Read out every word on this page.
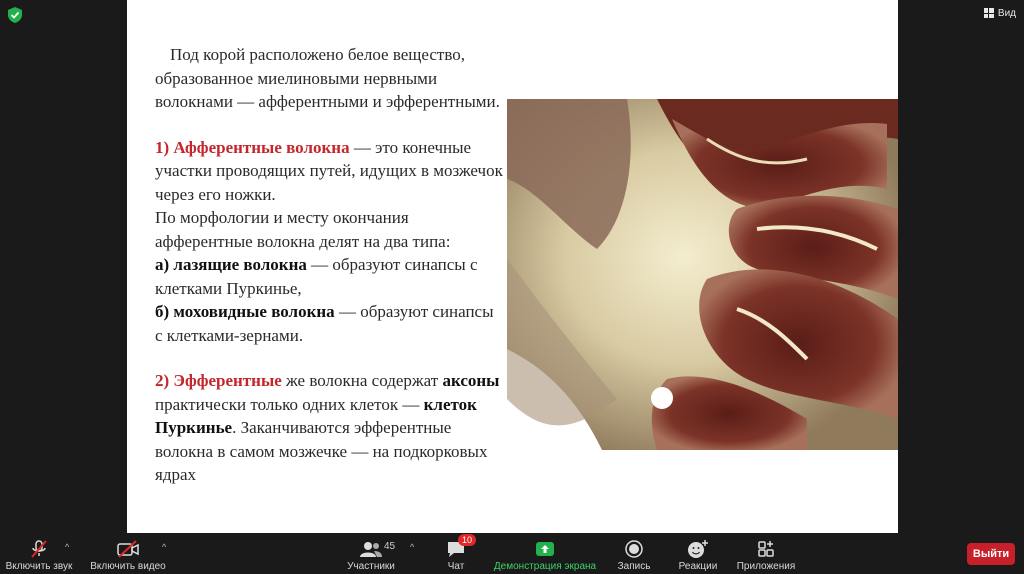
Вид

Под корой расположено белое вещество, образованное миелиновыми нервными волокнами — афферентными и эфферентными.

1) Афферентные волокна — это конечные участки проводящих путей, идущих в мозжечок через его ножки.

По морфологии и месту окончания афферентные волокна делят на два типа:

а) лазящие волокна — образуют синапсы с клетками Пуркинье,

б) моховидные волокна — образуют синапсы с клетками-зернами.

2) Эфферентные же волокна содержат аксоны практически только одних клеток — клеток Пуркинье. Заканчиваются эфферентные волокна в самом мозжечке — на подкорковых ядрах

Включить звук
^
Включить видео
^
Участники
45 ^
Чат
10
Демонстрация экрана Запись	Реакции Приложения
Выйти
